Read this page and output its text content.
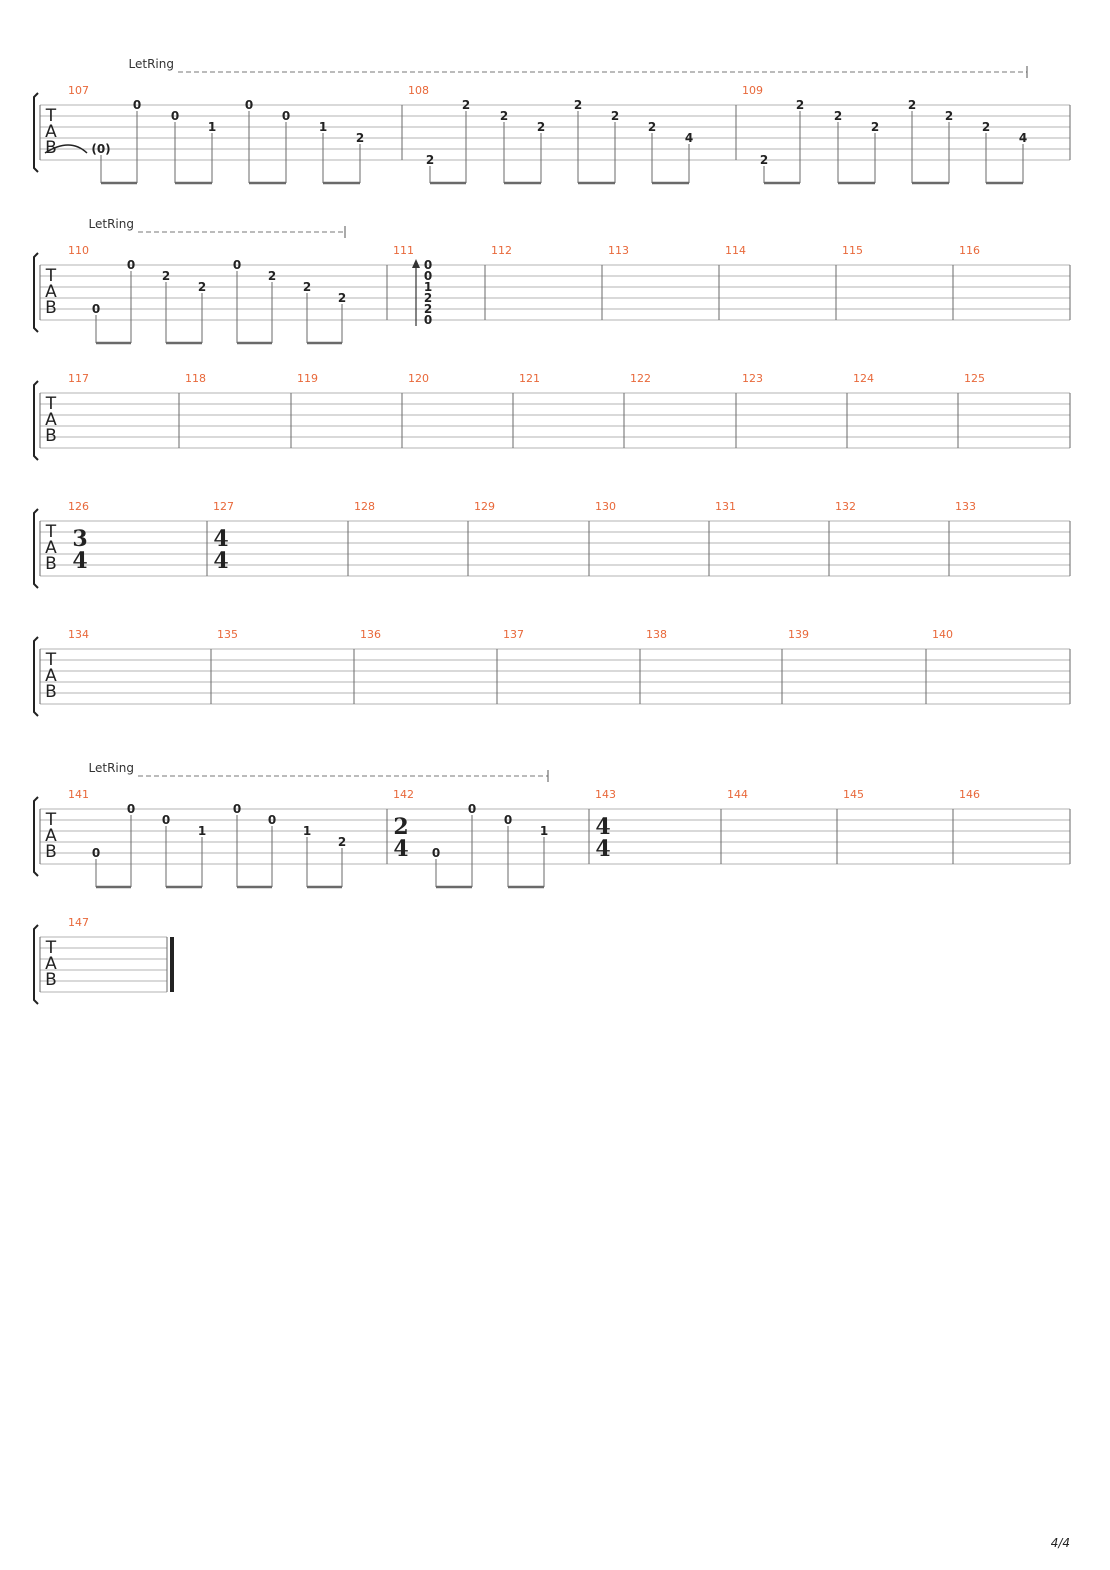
T
A
B
LetRing
107
(0)
0
0
1
0
0
1
2
108
2
2
2
2
2
2
2
4
109
2
2
2
2
2
2
2
4
T
A
B
LetRing
110
0
0
2
2
0
2
2
2
111
0
0
1
2
2
0
112	113	114	115	116
T
A
B
117	118	119	120	121	122	123	124	125
T
A
B
126
3
4
127
4
4
128	129	130	131	132	133
T
A
B
134	135	136	137	138	139	140
T
A
B
LetRing
141
0
0
0
1
0
0
1
2
142
2
4 0
0
0
1
143
4
4
144	145	146
T
A
B
147
4/4
